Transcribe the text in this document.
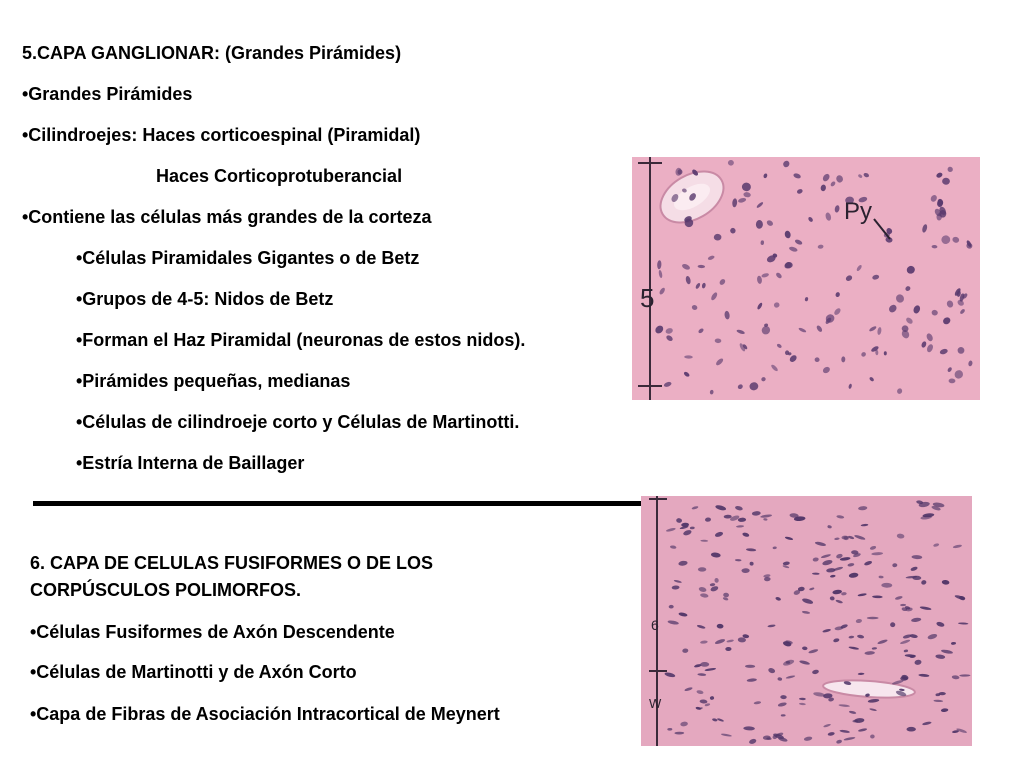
5.CAPA GANGLIONAR: (Grandes Pirámides)
•Grandes Pirámides
•Cilindroejes: Haces corticoespinal (Piramidal)
Haces Corticoprotuberancial
•Contiene las células más grandes de la corteza
•Células Piramidales Gigantes o de Betz
•Grupos de 4-5: Nidos de Betz
•Forman el Haz Piramidal (neuronas de estos nidos).
•Pirámides pequeñas, medianas
•Células de cilindroeje corto y Células de Martinotti.
•Estría Interna de Baillager
5
Py
6
W
6. CAPA DE CELULAS FUSIFORMES O DE LOS
CORPÚSCULOS POLIMORFOS.
•Células Fusiformes de Axón Descendente
•Células de Martinotti y de Axón Corto
•Capa de Fibras de Asociación Intracortical de Meynert
